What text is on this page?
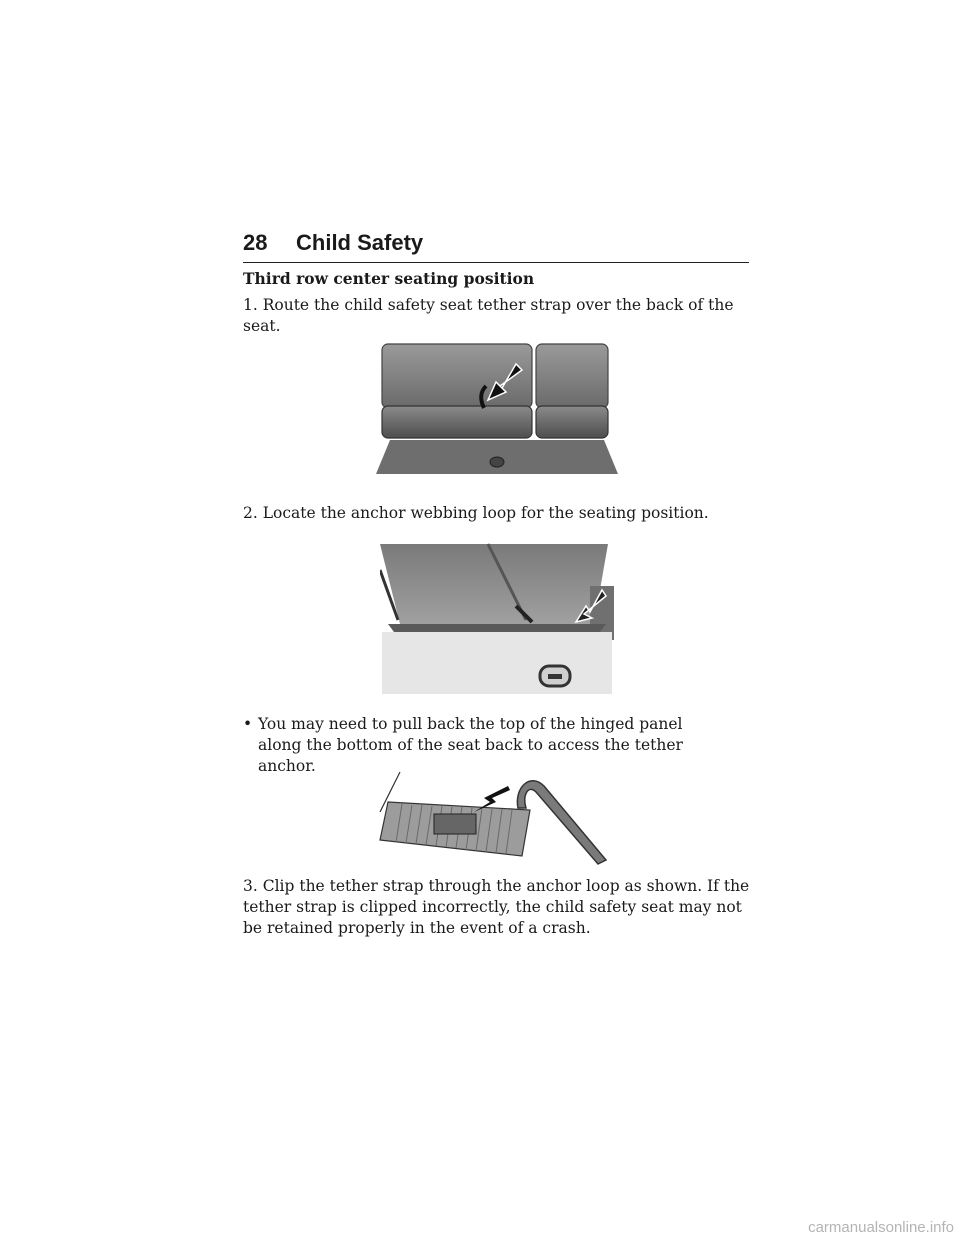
28 Child Safety

Third row center seating position

1. Route the child safety seat tether strap over the back of the seat.

2. Locate the anchor webbing loop for the seating position.

• You may need to pull back the top of the hinged panel along the bottom of the seat back to access the tether anchor.

3. Clip the tether strap through the anchor loop as shown. If the tether strap is clipped incorrectly, the child safety seat may not be retained properly in the event of a crash.

carmanualsonline.info
